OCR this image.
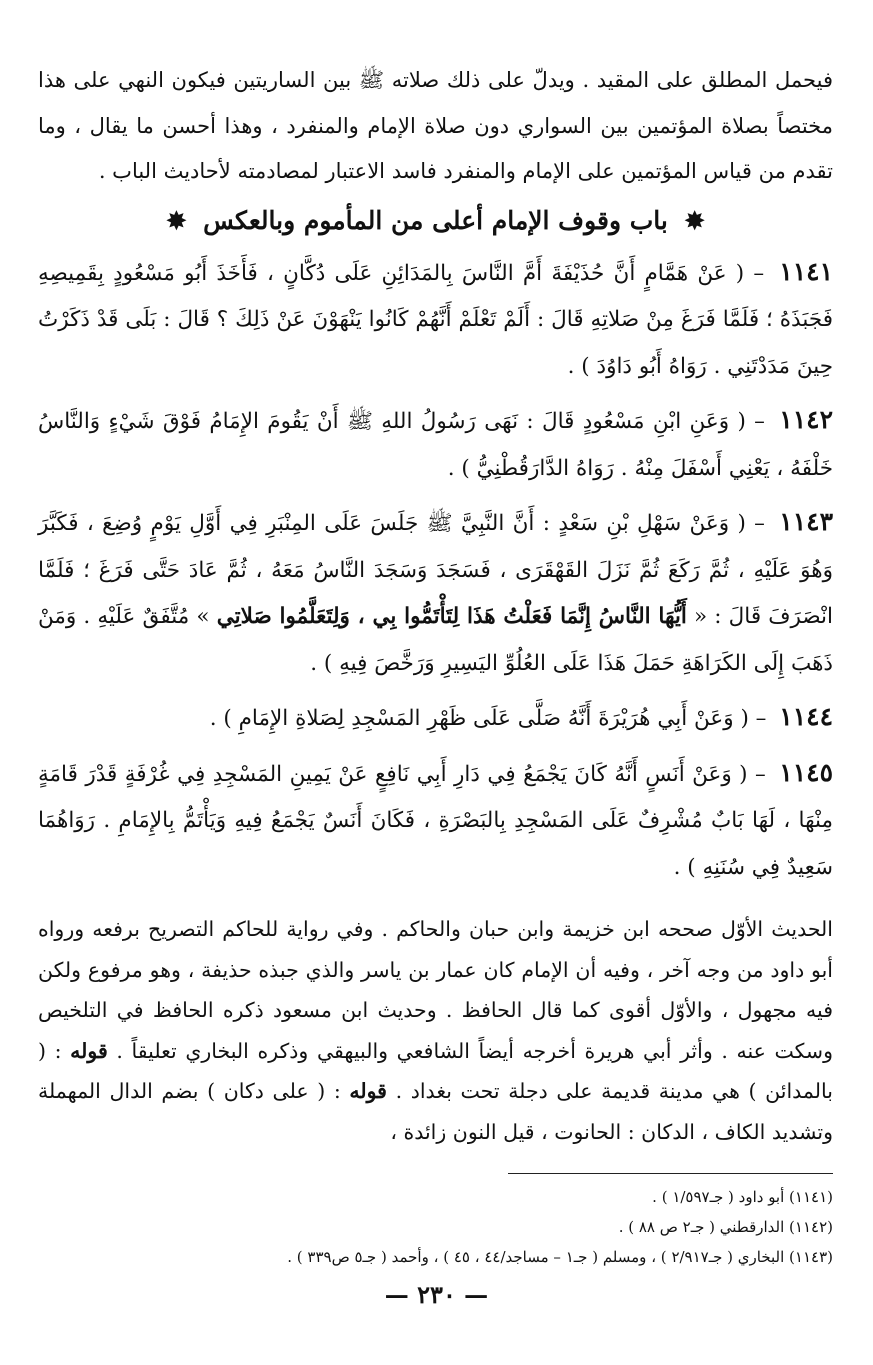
فيحمل المطلق على المقيد . ويدلّ على ذلك صلاته ﷺ بين الساريتين فيكون النهي على هذا مختصاً بصلاة المؤتمين بين السواري دون صلاة الإمام والمنفرد ، وهذا أحسن ما يقال ، وما تقدم من قياس المؤتمين على الإمام والمنفرد فاسد الاعتبار لمصادمته لأحاديث الباب .

✸ باب وقوف الإمام أعلى من المأموم وبالعكس ✸

١١٤١ – ( عَنْ هَمَّامٍ أَنَّ حُذَيْفَةَ أَمَّ النَّاسَ بِالمَدَائِنِ عَلَى دُكَّانٍ ، فَأَخَذَ أَبُو مَسْعُودٍ بِقَمِيصِهِ فَجَبَذَهُ ؛ فَلَمَّا فَرَغَ مِنْ صَلاتِهِ قَالَ : أَلَمْ تَعْلَمْ أَنَّهُمْ كَانُوا يَنْهَوْنَ عَنْ ذَلِكَ ؟ قَالَ : بَلَى قَدْ ذَكَرْتُ حِينَ مَدَدْتَنِي . رَوَاهُ أَبُو دَاوُدَ ) .

١١٤٢ – ( وَعَنِ ابْنِ مَسْعُودٍ قَالَ : نَهَى رَسُولُ اللهِ ﷺ أَنْ يَقُومَ الإِمَامُ فَوْقَ شَيْءٍ وَالنَّاسُ خَلْفَهُ ، يَعْنِي أَسْفَلَ مِنْهُ . رَوَاهُ الدَّارَقُطْنِيُّ ) .

١١٤٣ – ( وَعَنْ سَهْلِ بْنِ سَعْدٍ : أَنَّ النَّبِيَّ ﷺ جَلَسَ عَلَى المِنْبَرِ فِي أَوَّلِ يَوْمٍ وُضِعَ ، فَكَبَّرَ وَهُوَ عَلَيْهِ ، ثُمَّ رَكَعَ ثُمَّ نَزَلَ القَهْقَرَى ، فَسَجَدَ وَسَجَدَ النَّاسُ مَعَهُ ، ثُمَّ عَادَ حَتَّى فَرَغَ ؛ فَلَمَّا انْصَرَفَ قَالَ : « أَيُّهَا النَّاسُ إِنَّمَا فَعَلْتُ هَذَا لِتَأْتَمُّوا بِي ، وَلِتَعَلَّمُوا صَلاتِي » مُتَّفَقٌ عَلَيْهِ . وَمَنْ ذَهَبَ إِلَى الكَرَاهَةِ حَمَلَ هَذَا عَلَى العُلُوِّ اليَسِيرِ وَرَخَّصَ فِيهِ ) .

١١٤٤ – ( وَعَنْ أَبِي هُرَيْرَةَ أَنَّهُ صَلَّى عَلَى ظَهْرِ المَسْجِدِ لِصَلاةِ الإِمَامِ ) .

١١٤٥ – ( وَعَنْ أَنَسٍ أَنَّهُ كَانَ يَجْمَعُ فِي دَارِ أَبِي نَافِعٍ عَنْ يَمِينِ المَسْجِدِ فِي غُرْفَةٍ قَدْرَ قَامَةٍ مِنْهَا ، لَهَا بَابٌ مُشْرِفٌ عَلَى المَسْجِدِ بِالبَصْرَةِ ، فَكَانَ أَنَسٌ يَجْمَعُ فِيهِ وَيَأْتَمُّ بِالإِمَامِ . رَوَاهُمَا سَعِيدٌ فِي سُنَنِهِ ) .

الحديث الأوّل صححه ابن خزيمة وابن حبان والحاكم . وفي رواية للحاكم التصريح برفعه ورواه أبو داود من وجه آخر ، وفيه أن الإمام كان عمار بن ياسر والذي جبذه حذيفة ، وهو مرفوع ولكن فيه مجهول ، والأوّل أقوى كما قال الحافظ . وحديث ابن مسعود ذكره الحافظ في التلخيص وسكت عنه . وأثر أبي هريرة أخرجه أيضاً الشافعي والبيهقي وذكره البخاري تعليقاً . قوله : ( بالمدائن ) هي مدينة قديمة على دجلة تحت بغداد . قوله : ( على دكان ) بضم الدال المهملة وتشديد الكاف ، الدكان : الحانوت ، قيل النون زائدة ،

(١١٤١) أبو داود ( جـ١/٥٩٧ ) .

(١١٤٢) الدارقطني ( جـ٢ ص ٨٨ ) .

(١١٤٣) البخاري ( جـ٢/٩١٧ ) ، ومسلم ( جـ١ – مساجد/٤٤ ، ٤٥ ) ، وأحمد ( جـ٥ ص٣٣٩ ) .

— ٢٣٠ —
